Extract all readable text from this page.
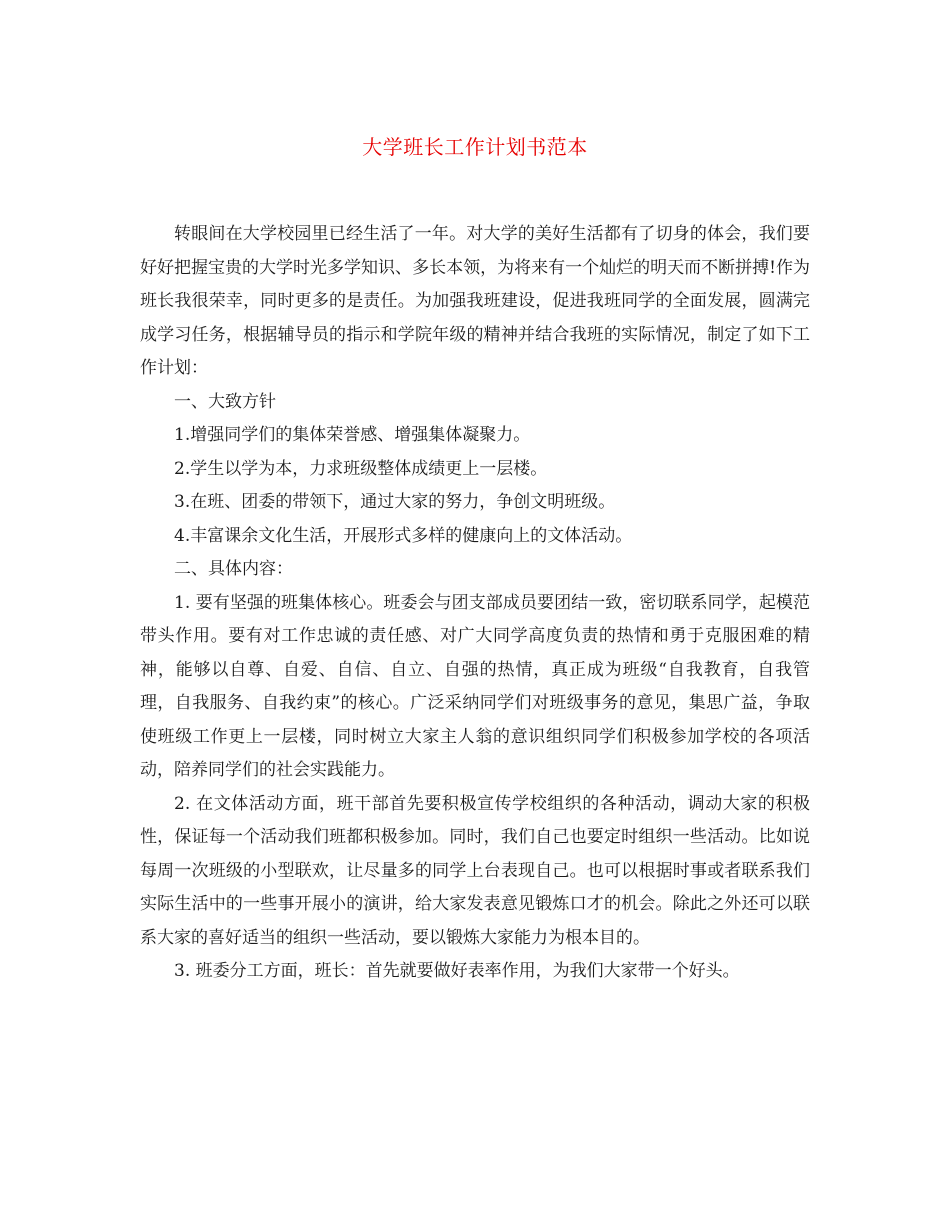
大学班长工作计划书范本

转眼间在大学校园里已经生活了一年。对大学的美好生活都有了切身的体会，我们要好好把握宝贵的大学时光多学知识、多长本领，为将来有一个灿烂的明天而不断拼搏!作为班长我很荣幸，同时更多的是责任。为加强我班建设，促进我班同学的全面发展，圆满完成学习任务，根据辅导员的指示和学院年级的精神并结合我班的实际情况，制定了如下工作计划：

一、大致方针

1.增强同学们的集体荣誉感、增强集体凝聚力。

2.学生以学为本，力求班级整体成绩更上一层楼。

3.在班、团委的带领下，通过大家的努力，争创文明班级。

4.丰富课余文化生活，开展形式多样的健康向上的文体活动。

二、具体内容：

1. 要有坚强的班集体核心。班委会与团支部成员要团结一致，密切联系同学，起模范带头作用。要有对工作忠诚的责任感、对广大同学高度负责的热情和勇于克服困难的精神，能够以自尊、自爱、自信、自立、自强的热情，真正成为班级“自我教育，自我管理，自我服务、自我约束”的核心。广泛采纳同学们对班级事务的意见，集思广益，争取使班级工作更上一层楼，同时树立大家主人翁的意识组织同学们积极参加学校的各项活动，陪养同学们的社会实践能力。

2. 在文体活动方面，班干部首先要积极宣传学校组织的各种活动，调动大家的积极性，保证每一个活动我们班都积极参加。同时，我们自己也要定时组织一些活动。比如说每周一次班级的小型联欢，让尽量多的同学上台表现自己。也可以根据时事或者联系我们实际生活中的一些事开展小的演讲，给大家发表意见锻炼口才的机会。除此之外还可以联系大家的喜好适当的组织一些活动，要以锻炼大家能力为根本目的。

3. 班委分工方面，班长：首先就要做好表率作用，为我们大家带一个好头。
